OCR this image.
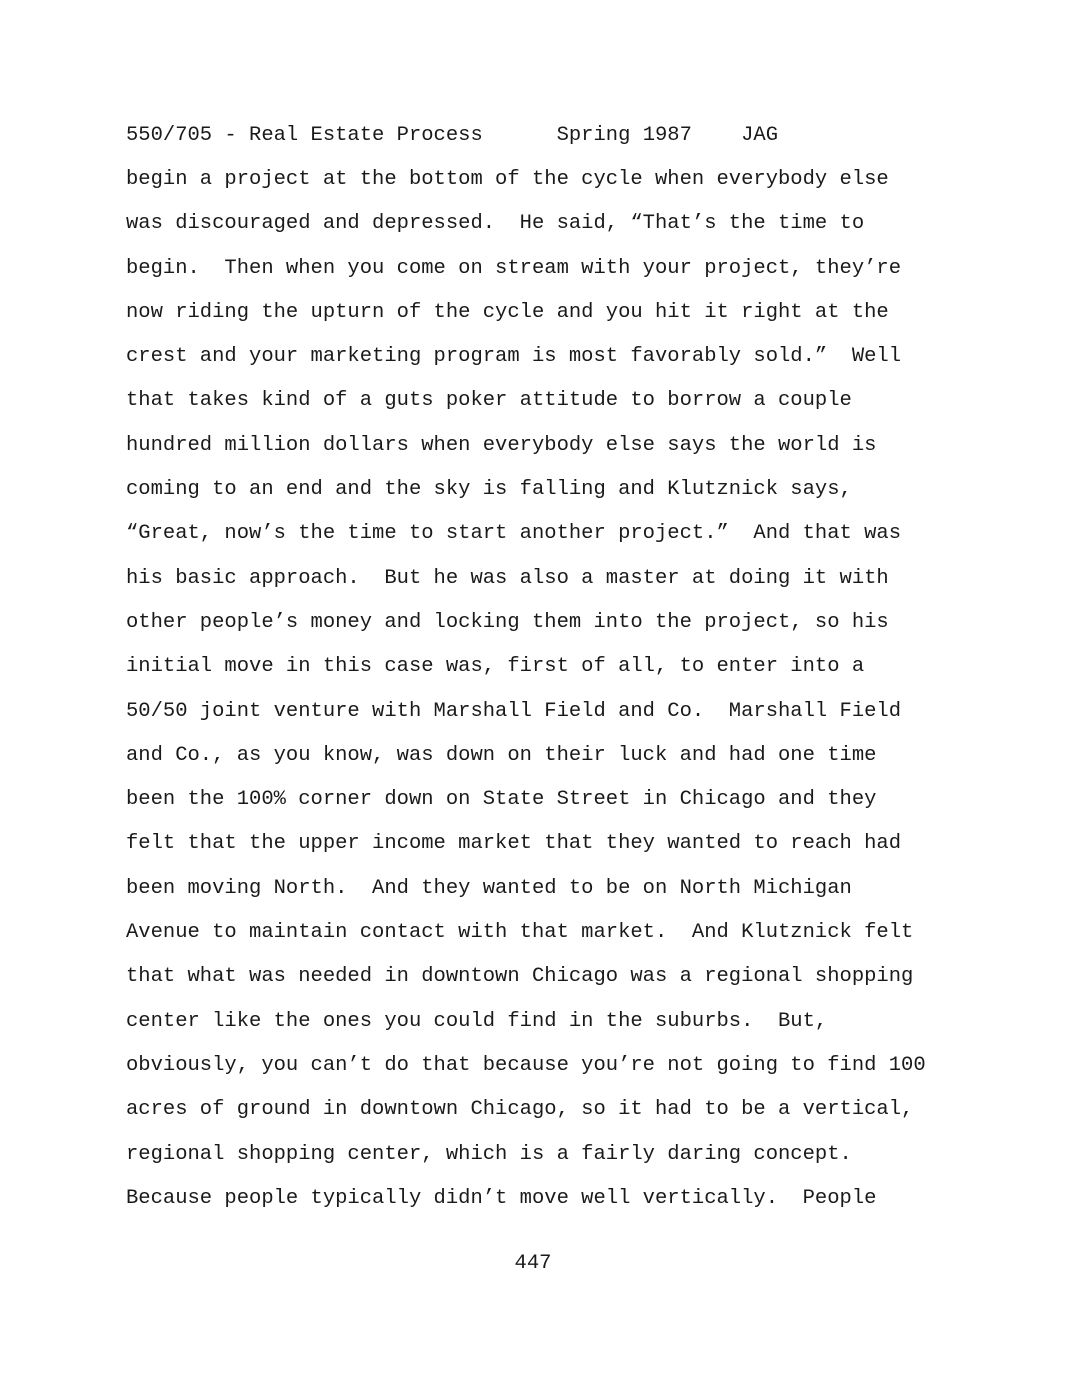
550/705 - Real Estate Process	Spring 1987 JAG
begin a project at the bottom of the cycle when everybody else
was discouraged and depressed.  He said, “That’s the time to
begin.  Then when you come on stream with your project, they’re
now riding the upturn of the cycle and you hit it right at the
crest and your marketing program is most favorably sold.”  Well
that takes kind of a guts poker attitude to borrow a couple
hundred million dollars when everybody else says the world is
coming to an end and the sky is falling and Klutznick says,
“Great, now’s the time to start another project.”  And that was
his basic approach.  But he was also a master at doing it with
other people’s money and locking them into the project, so his
initial move in this case was, first of all, to enter into a
50/50 joint venture with Marshall Field and Co.  Marshall Field
and Co., as you know, was down on their luck and had one time
been the 100% corner down on State Street in Chicago and they
felt that the upper income market that they wanted to reach had
been moving North.  And they wanted to be on North Michigan
Avenue to maintain contact with that market.  And Klutznick felt
that what was needed in downtown Chicago was a regional shopping
center like the ones you could find in the suburbs.  But,
obviously, you can’t do that because you’re not going to find 100
acres of ground in downtown Chicago, so it had to be a vertical,
regional shopping center, which is a fairly daring concept.
Because people typically didn’t move well vertically.  People
447
